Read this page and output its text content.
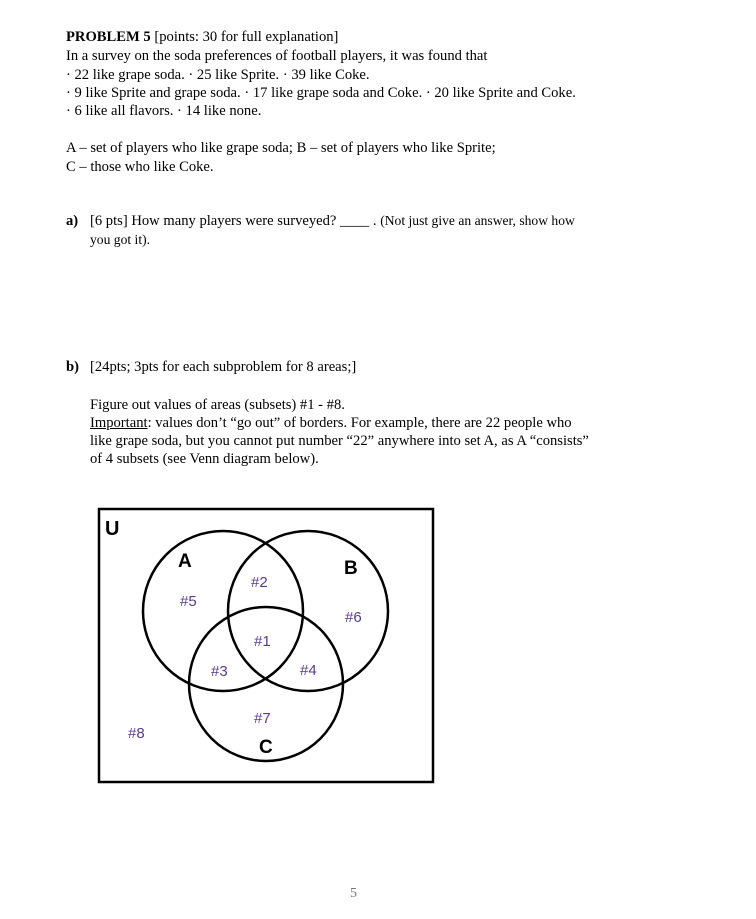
PROBLEM 5 [points: 30 for full explanation]
In a survey on the soda preferences of football players, it was found that
· 22 like grape soda. · 25 like Sprite. · 39 like Coke.
· 9 like Sprite and grape soda. · 17 like grape soda and Coke. · 20 like Sprite and Coke.
· 6 like all flavors. · 14 like none.
A – set of players who like grape soda; B – set of players who like Sprite;
C – those who like Coke.
a) [6 pts] How many players were surveyed? ____ . (Not just give an answer, show how
you got it).
b) [24pts; 3pts for each subproblem for 8 areas;]
Figure out values of areas (subsets) #1 - #8.
Important: values don’t “go out” of borders. For example, there are 22 people who
like grape soda, but you cannot put number “22” anywhere into set A, as A “consists”
of 4 subsets (see Venn diagram below).
U
A	B
C
#1
#2
#3	#4
#5
#6
#7
#8
5
